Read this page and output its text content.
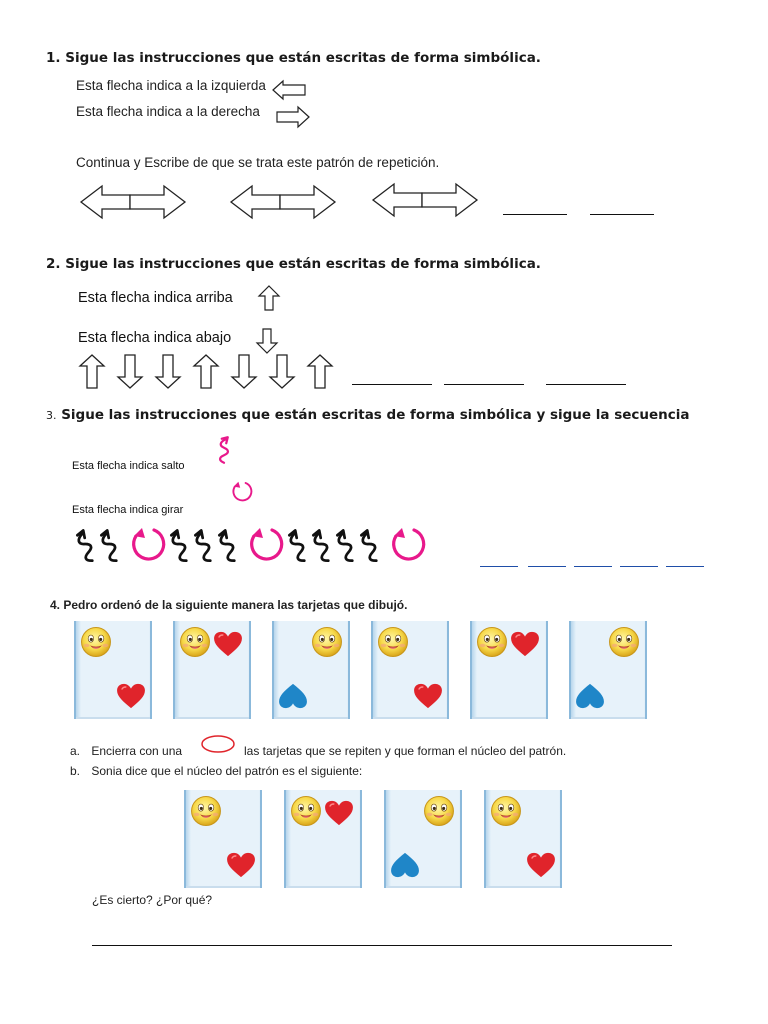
1. Sigue las instrucciones que están escritas de forma simbólica.
Esta flecha indica a la izquierda
Esta flecha indica a la derecha
Continua y Escribe de que se trata este patrón de repetición.
2. Sigue las instrucciones que están escritas de forma simbólica.
Esta flecha indica arriba
Esta flecha indica abajo
3. Sigue las instrucciones que están escritas de forma simbólica y sigue la secuencia
Esta flecha indica salto
Esta flecha indica girar
4. Pedro ordenó de la siguiente manera las tarjetas que dibujó.
a. Encierra con una	las tarjetas que se repiten y que forman el núcleo del patrón.
b. Sonia dice que el núcleo del patrón es el siguiente:
¿Es cierto? ¿Por qué?
